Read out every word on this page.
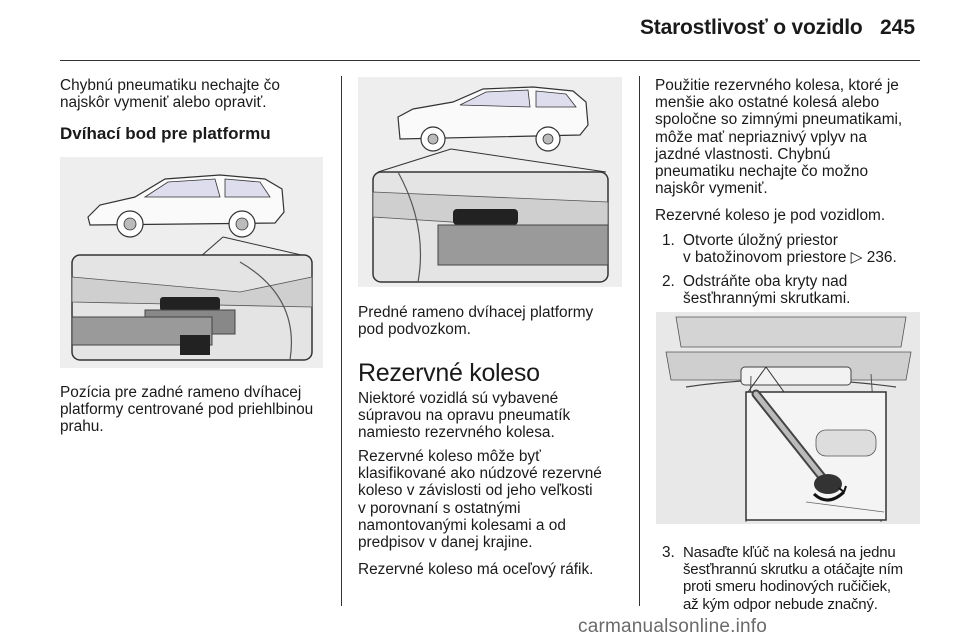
Starostlivosť o vozidlo 245
Chybnú pneumatiku nechajte čo
najskôr vymeniť alebo opraviť.
Dvíhací bod pre platformu
Pozícia pre zadné rameno dvíhacej
platformy centrované pod priehlbinou
prahu.
Predné rameno dvíhacej platformy
pod podvozkom.
Rezervné koleso
Niektoré vozidlá sú vybavené
súpravou na opravu pneumatík
namiesto rezervného kolesa.
Rezervné koleso môže byť
klasifikované ako núdzové rezervné
koleso v závislosti od jeho veľkosti
v porovnaní s ostatnými
namontovanými kolesami a od
predpisov v danej krajine.
Rezervné koleso má oceľový ráfik.
Použitie rezervného kolesa, ktoré je
menšie ako ostatné kolesá alebo
spoločne so zimnými pneumatikami,
môže mať nepriaznivý vplyv na
jazdné vlastnosti. Chybnú
pneumatiku nechajte čo možno
najskôr vymeniť.
Rezervné koleso je pod vozidlom.
1. Otvorte úložný priestor
v batožinovom priestore ▷ 236.
2. Odstráňte oba kryty nad
šesťhrannými skrutkami.
3. Nasaďte kľúč na kolesá na jednu
šesťhrannú skrutku a otáčajte ním
proti smeru hodinových ručičiek,
až kým odpor nebude značný.
carmanualsonline.info
